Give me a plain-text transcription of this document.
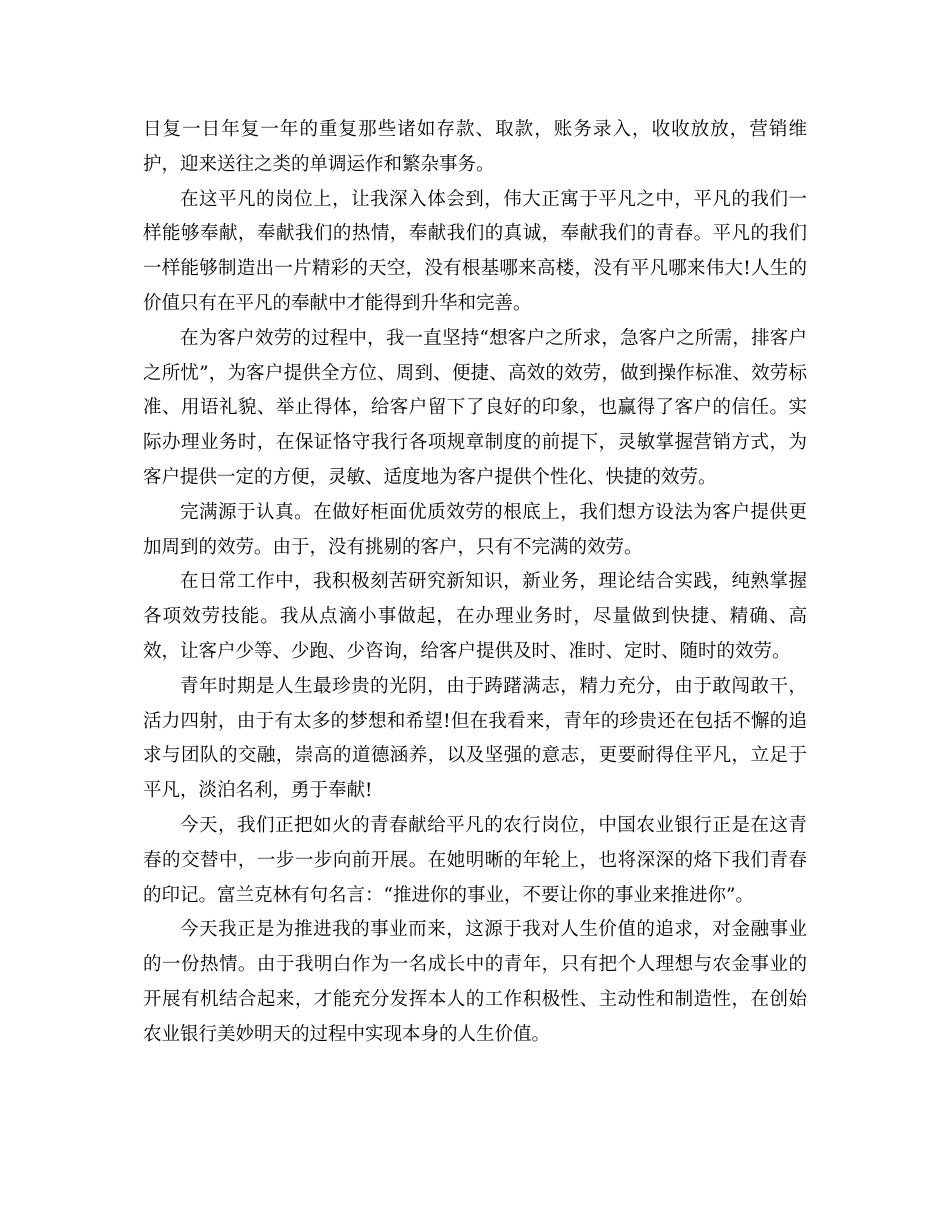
日复一日年复一年的重复那些诸如存款、取款，账务录入，收收放放，营销维护，迎来送往之类的单调运作和繁杂事务。

在这平凡的岗位上，让我深入体会到，伟大正寓于平凡之中，平凡的我们一样能够奉献，奉献我们的热情，奉献我们的真诚，奉献我们的青春。平凡的我们一样能够制造出一片精彩的天空，没有根基哪来高楼，没有平凡哪来伟大!人生的价值只有在平凡的奉献中才能得到升华和完善。

在为客户效劳的过程中，我一直坚持“想客户之所求，急客户之所需，排客户之所忧”，为客户提供全方位、周到、便捷、高效的效劳，做到操作标准、效劳标准、用语礼貌、举止得体，给客户留下了良好的印象，也赢得了客户的信任。实际办理业务时，在保证恪守我行各项规章制度的前提下，灵敏掌握营销方式，为客户提供一定的方便，灵敏、适度地为客户提供个性化、快捷的效劳。

完满源于认真。在做好柜面优质效劳的根底上，我们想方设法为客户提供更加周到的效劳。由于，没有挑剔的客户，只有不完满的效劳。

在日常工作中，我积极刻苦研究新知识，新业务，理论结合实践，纯熟掌握各项效劳技能。我从点滴小事做起，在办理业务时，尽量做到快捷、精确、高效，让客户少等、少跑、少咨询，给客户提供及时、准时、定时、随时的效劳。

青年时期是人生最珍贵的光阴，由于踌躇满志，精力充分，由于敢闯敢干，活力四射，由于有太多的梦想和希望!但在我看来，青年的珍贵还在包括不懈的追求与团队的交融，崇高的道德涵养，以及坚强的意志，更要耐得住平凡，立足于平凡，淡泊名利，勇于奉献!

今天，我们正把如火的青春献给平凡的农行岗位，中国农业银行正是在这青春的交替中，一步一步向前开展。在她明晰的年轮上，也将深深的烙下我们青春的印记。富兰克林有句名言：“推进你的事业，不要让你的事业来推进你”。

今天我正是为推进我的事业而来，这源于我对人生价值的追求，对金融事业的一份热情。由于我明白作为一名成长中的青年，只有把个人理想与农金事业的开展有机结合起来，才能充分发挥本人的工作积极性、主动性和制造性，在创始农业银行美妙明天的过程中实现本身的人生价值。
